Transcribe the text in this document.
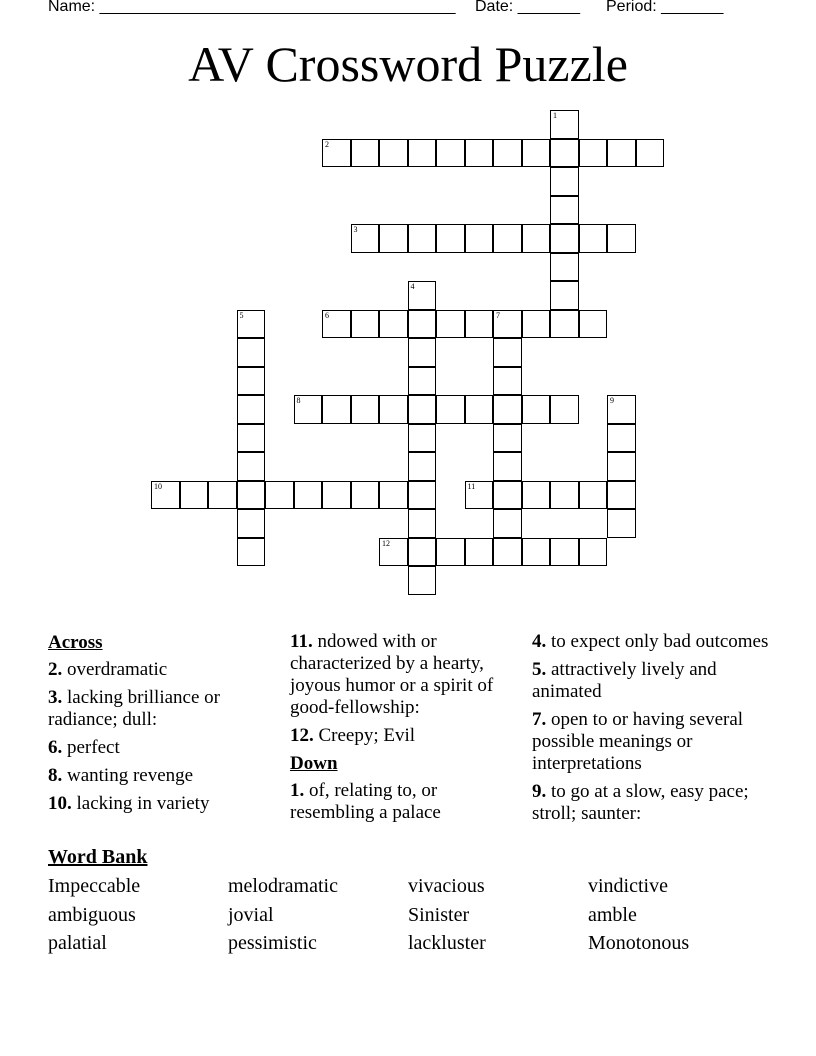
Name: ________________________________________ Date: _______ Period: _______
AV Crossword Puzzle
1
2
3
4
5	6	7
8	9
10	11
12
Across
2. overdramatic
3. lacking brilliance or radiance; dull:
6. perfect
8. wanting revenge
10. lacking in variety
11. ndowed with or characterized by a hearty, joyous humor or a spirit of good-fellowship:
12. Creepy; Evil
Down
1. of, relating to, or resembling a palace
4. to expect only bad outcomes
5. attractively lively and animated
7. open to or having several possible meanings or interpretations
9. to go at a slow, easy pace; stroll; saunter:
Word Bank
Impeccable	melodramatic	vivacious	vindictive
ambiguous	jovial	Sinister	amble
palatial	pessimistic	lackluster	Monotonous
